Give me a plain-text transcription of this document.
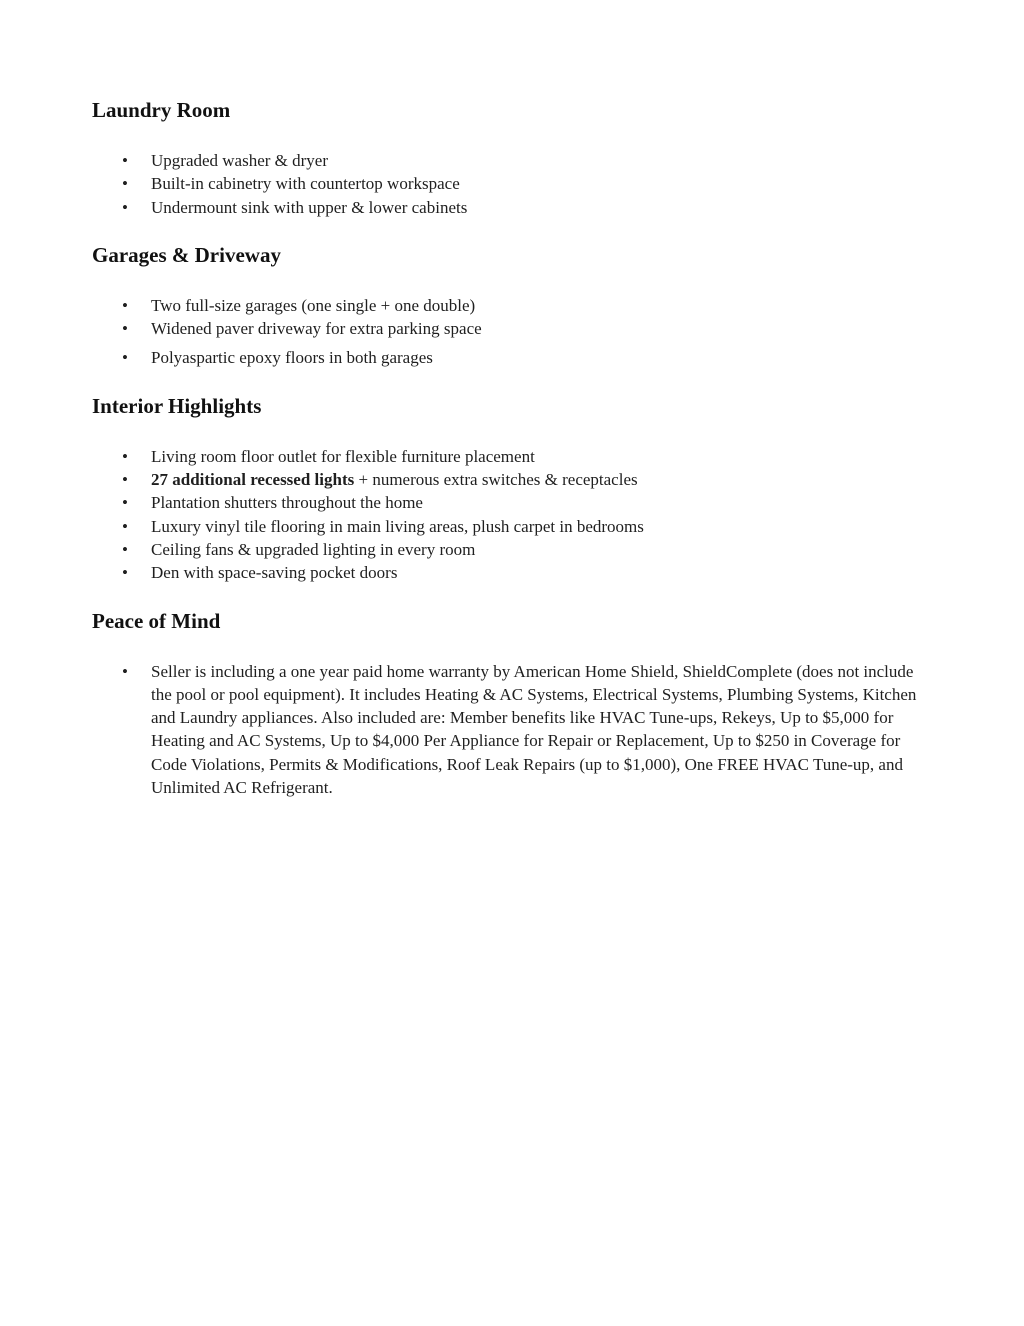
Laundry Room
• Upgraded washer & dryer
• Built-in cabinetry with countertop workspace
• Undermount sink with upper & lower cabinets
Garages & Driveway
• Two full-size garages (one single + one double)
• Widened paver driveway for extra parking space
• Polyaspartic epoxy floors in both garages
Interior Highlights
• Living room floor outlet for flexible furniture placement
• 27 additional recessed lights + numerous extra switches & receptacles
• Plantation shutters throughout the home
• Luxury vinyl tile flooring in main living areas, plush carpet in bedrooms
• Ceiling fans & upgraded lighting in every room
• Den with space-saving pocket doors
Peace of Mind
• Seller is including a one year paid home warranty by American Home Shield, ShieldComplete (does not include the pool or pool equipment). It includes Heating & AC Systems, Electrical Systems, Plumbing Systems, Kitchen and Laundry appliances. Also included are: Member benefits like HVAC Tune-ups, Rekeys, Up to $5,000 for Heating and AC Systems, Up to $4,000 Per Appliance for Repair or Replacement, Up to $250 in Coverage for Code Violations, Permits & Modifications, Roof Leak Repairs (up to $1,000), One FREE HVAC Tune-up, and Unlimited AC Refrigerant.
